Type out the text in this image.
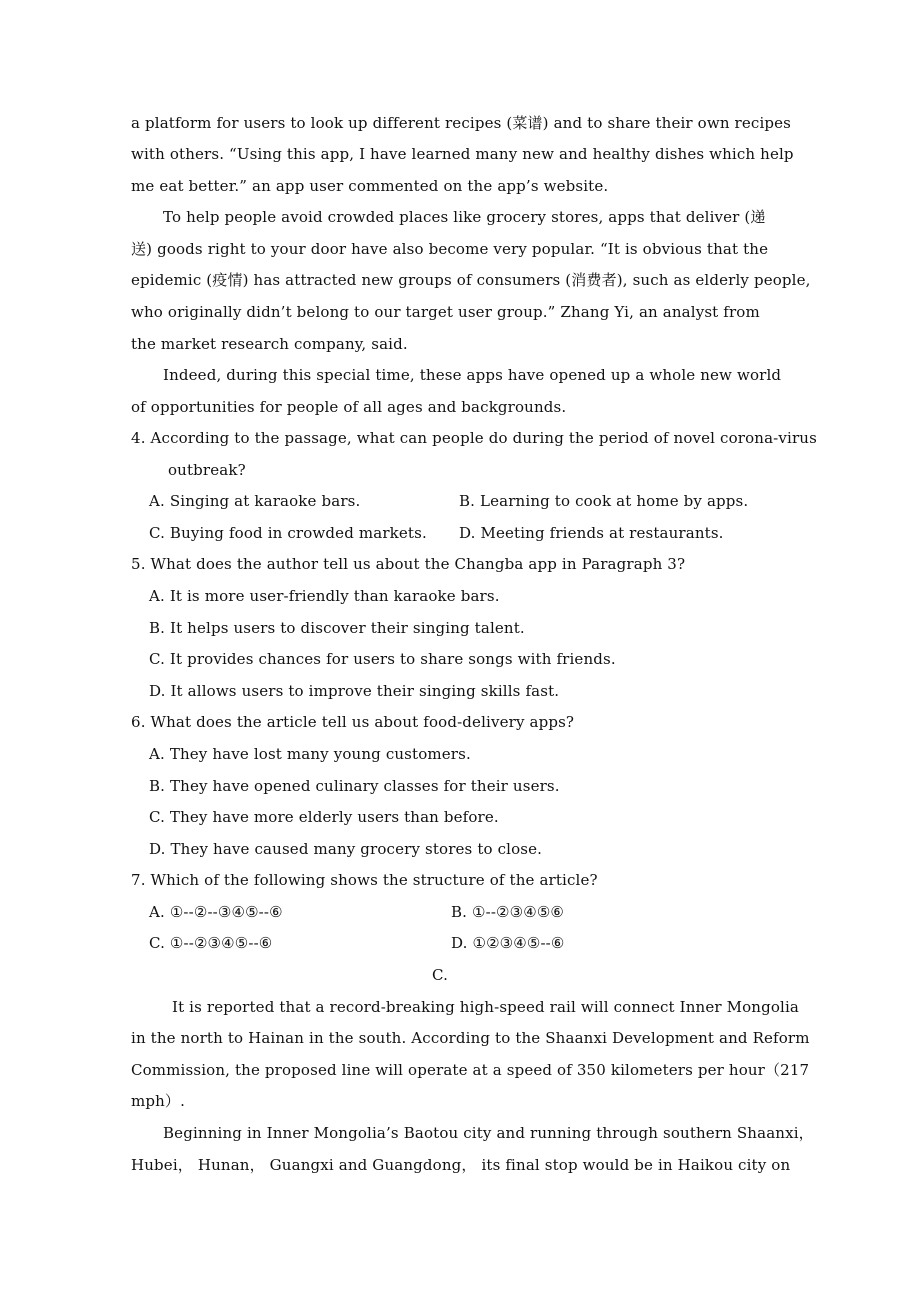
a platform for users to look up different recipes (菜谱) and to share their own recipes
with others. “Using this app, I have learned many new and healthy dishes which help
me eat better.” an app user commented on the app’s website.
To help people avoid crowded places like grocery stores, apps that deliver (递
送) goods right to your door have also become very popular. “It is obvious that the
epidemic (疫情) has attracted new groups of consumers (消费者), such as elderly people,
who originally didn’t belong to our target user group.” Zhang Yi, an analyst from
the market research company, said.
Indeed, during this special time, these apps have opened up a whole new world
of opportunities for people of all ages and backgrounds.
4. According to the passage, what can people do during the period of novel corona-virus
outbreak?
A. Singing at karaoke bars.	B. Learning to cook at home by apps.
C. Buying food in crowded markets. D. Meeting friends at restaurants.
5. What does the author tell us about the Changba app in Paragraph 3?
A. It is more user-friendly than karaoke bars.
B. It helps users to discover their singing talent.
C. It provides chances for users to share songs with friends.
D. It allows users to improve their singing skills fast.
6. What does the article tell us about food-delivery apps?
A. They have lost many young customers.
B. They have opened culinary classes for their users.
C. They have more elderly users than before.
D. They have caused many grocery stores to close.
7. Which of the following shows the structure of the article?
A. ①--②--③④⑤--⑥	B. ①--②③④⑤⑥
C. ①--②③④⑤--⑥	D. ①②③④⑤--⑥
C.
It is reported that a record-breaking high-speed rail will connect Inner Mongolia
in the north to Hainan in the south. According to the Shaanxi Development and Reform
Commission, the proposed line will operate at a speed of 350 kilometers per hour（217
mph）.
Beginning in Inner Mongolia’s Baotou city and running through southern Shaanxi，
Hubei， Hunan， Guangxi and Guangdong， its final stop would be in Haikou city on
